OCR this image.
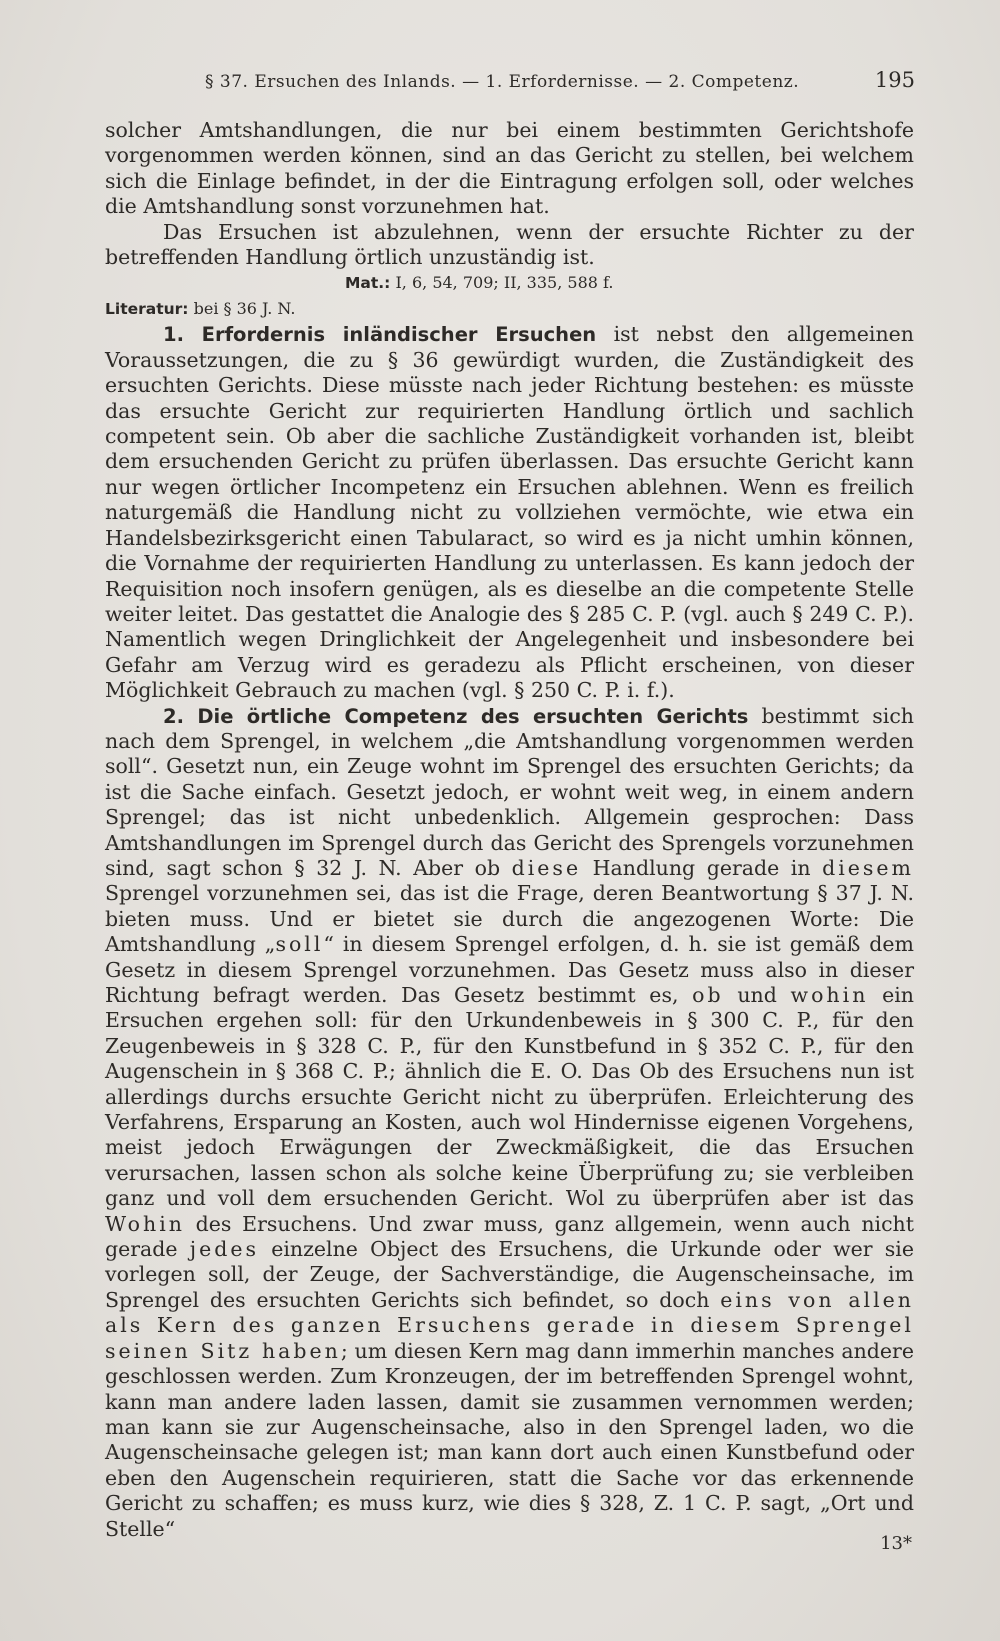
§ 37. Ersuchen des Inlands. — 1. Erfordernisse. — 2. Competenz.	195

solcher Amtshandlungen, die nur bei einem bestimmten Gerichtshofe vorgenommen werden können, sind an das Gericht zu stellen, bei welchem sich die Einlage befindet, in der die Eintragung erfolgen soll, oder welches die Amtshandlung sonst vorzunehmen hat.

Das Ersuchen ist abzulehnen, wenn der ersuchte Richter zu der betreffenden Handlung örtlich unzuständig ist.

Mat.: I, 6, 54, 709; II, 335, 588 f.

Literatur: bei § 36 J. N.

1. Erfordernis inländischer Ersuchen ist nebst den allgemeinen Voraussetzungen, die zu § 36 gewürdigt wurden, die Zuständigkeit des ersuchten Gerichts. Diese müsste nach jeder Richtung bestehen: es müsste das ersuchte Gericht zur requirierten Handlung örtlich und sachlich competent sein. Ob aber die sachliche Zuständigkeit vorhanden ist, bleibt dem ersuchenden Gericht zu prüfen überlassen. Das ersuchte Gericht kann nur wegen örtlicher Incompetenz ein Ersuchen ablehnen. Wenn es freilich naturgemäß die Handlung nicht zu vollziehen vermöchte, wie etwa ein Handelsbezirksgericht einen Tabularact, so wird es ja nicht umhin können, die Vornahme der requirierten Handlung zu unterlassen. Es kann jedoch der Requisition noch insofern genügen, als es dieselbe an die competente Stelle weiter leitet. Das gestattet die Analogie des § 285 C. P. (vgl. auch § 249 C. P.). Namentlich wegen Dringlichkeit der Angelegenheit und insbesondere bei Gefahr am Verzug wird es geradezu als Pflicht erscheinen, von dieser Möglichkeit Gebrauch zu machen (vgl. § 250 C. P. i. f.).

2. Die örtliche Competenz des ersuchten Gerichts bestimmt sich nach dem Sprengel, in welchem „die Amtshandlung vorgenommen werden soll“. Gesetzt nun, ein Zeuge wohnt im Sprengel des ersuchten Gerichts; da ist die Sache einfach. Gesetzt jedoch, er wohnt weit weg, in einem andern Sprengel; das ist nicht unbedenklich. Allgemein gesprochen: Dass Amtshandlungen im Sprengel durch das Gericht des Sprengels vorzunehmen sind, sagt schon § 32 J. N. Aber ob diese Handlung gerade in diesem Sprengel vorzunehmen sei, das ist die Frage, deren Beantwortung § 37 J. N. bieten muss. Und er bietet sie durch die angezogenen Worte: Die Amtshandlung „soll“ in diesem Sprengel erfolgen, d. h. sie ist gemäß dem Gesetz in diesem Sprengel vorzunehmen. Das Gesetz muss also in dieser Richtung befragt werden. Das Gesetz bestimmt es, ob und wohin ein Ersuchen ergehen soll: für den Urkundenbeweis in § 300 C. P., für den Zeugenbeweis in § 328 C. P., für den Kunstbefund in § 352 C. P., für den Augenschein in § 368 C. P.; ähnlich die E. O. Das Ob des Ersuchens nun ist allerdings durchs ersuchte Gericht nicht zu überprüfen. Erleichterung des Verfahrens, Ersparung an Kosten, auch wol Hindernisse eigenen Vorgehens, meist jedoch Erwägungen der Zweckmäßigkeit, die das Ersuchen verursachen, lassen schon als solche keine Überprüfung zu; sie verbleiben ganz und voll dem ersuchenden Gericht. Wol zu überprüfen aber ist das Wohin des Ersuchens. Und zwar muss, ganz allgemein, wenn auch nicht gerade jedes einzelne Object des Ersuchens, die Urkunde oder wer sie vorlegen soll, der Zeuge, der Sachverständige, die Augenscheinsache, im Sprengel des ersuchten Gerichts sich befindet, so doch eins von allen als Kern des ganzen Ersuchens gerade in diesem Sprengel seinen Sitz haben; um diesen Kern mag dann immerhin manches andere geschlossen werden. Zum Kronzeugen, der im betreffenden Sprengel wohnt, kann man andere laden lassen, damit sie zusammen vernommen werden; man kann sie zur Augenscheinsache, also in den Sprengel laden, wo die Augenscheinsache gelegen ist; man kann dort auch einen Kunstbefund oder eben den Augenschein requirieren, statt die Sache vor das erkennende Gericht zu schaffen; es muss kurz, wie dies § 328, Z. 1 C. P. sagt, „Ort und Stelle“

13*
